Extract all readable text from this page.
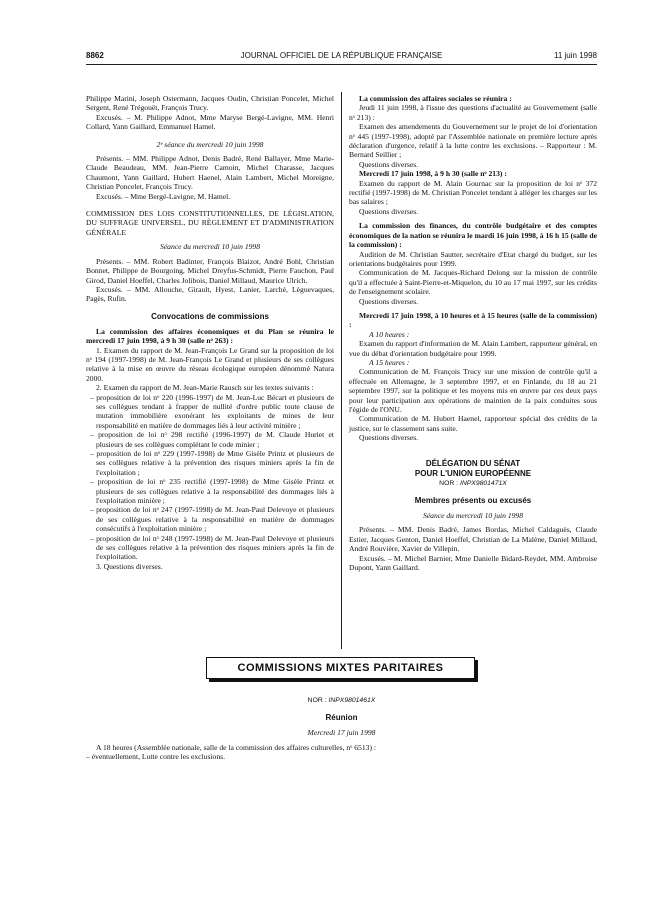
8862	JOURNAL OFFICIEL DE LA RÉPUBLIQUE FRANÇAISE	11 juin 1998

Philippe Marini, Joseph Ostermann, Jacques Oudin, Christian Poncelet, Michel Sergent, René Trégouët, François Trucy.

Excusés. – M. Philippe Adnot, Mme Maryse Bergé-Lavigne, MM. Henri Collard, Yann Gaillard, Emmanuel Hamel.

2ᵉ séance du mercredi 10 juin 1998

Présents. – MM. Philippe Adnot, Denis Badré, René Ballayer, Mme Marie-Claude Beaudeau, MM. Jean-Pierre Camoin, Michel Charasse, Jacques Chaumont, Yann Gaillard, Hubert Haenel, Alain Lambert, Michel Moreigne, Christian Poncelet, François Trucy.

Excusés. – Mme Bergé-Lavigne, M. Hamel.

COMMISSION DES LOIS CONSTITUTIONNELLES, DE LÉGISLATION, DU SUFFRAGE UNIVERSEL, DU RÈGLEMENT ET D'ADMINISTRATION GÉNÉRALE

Séance du mercredi 10 juin 1998

Présents. – MM. Robert Badinter, François Blaizot, André Bohl, Christian Bonnet, Philippe de Bourgoing, Michel Dreyfus-Schmidt, Pierre Fauchon, Paul Girod, Daniel Hoeffel, Charles Jolibois, Daniel Millaud, Maurice Ulrich.

Excusés. – MM. Allouche, Girault, Hyest, Lanier, Larché, Lèguevaques, Pagès, Rufin.

Convocations de commissions

La commission des affaires économiques et du Plan se réunira le mercredi 17 juin 1998, à 9 h 30 (salle nᵒ 263) :

1. Examen du rapport de M. Jean-François Le Grand sur la proposition de loi nᵒ 194 (1997-1998) de M. Jean-François Le Grand et plusieurs de ses collègues relative à la mise en œuvre du réseau écologique européen dénommé Natura 2000.

2. Examen du rapport de M. Jean-Marie Rausch sur les textes suivants :

– proposition de loi nᵒ 220 (1996-1997) de M. Jean-Luc Bécart et plusieurs de ses collègues tendant à frapper de nullité d'ordre public toute clause de mutation immobilière exonérant les exploitants de mines de leur responsabilité en matière de dommages liés à leur activité minière ;

– proposition de loi nᵒ 298 rectifié (1996-1997) de M. Claude Huriet et plusieurs de ses collègues complétant le code minier ;

– proposition de loi nᵒ 229 (1997-1998) de Mme Gisèle Printz et plusieurs de ses collègues relative à la prévention des risques miniers après la fin de l'exploitation ;

– proposition de loi nᵒ 235 rectifié (1997-1998) de Mme Gisèle Printz et plusieurs de ses collègues relative à la responsabilité des dommages liés à l'exploitation minière ;

– proposition de loi nᵒ 247 (1997-1998) de M. Jean-Paul Delevoye et plusieurs de ses collègues relative à la responsabilité en matière de dommages consécutifs à l'exploitation minière ;

– proposition de loi nᵒ 248 (1997-1998) de M. Jean-Paul Delevoye et plusieurs de ses collègues relative à la prévention des risques miniers après la fin de l'exploitation.

3. Questions diverses.

La commission des affaires sociales se réunira :

Jeudi 11 juin 1998, à l'issue des questions d'actualité au Gouvernement (salle nᵒ 213) :

Examen des amendements du Gouvernement sur le projet de loi d'orientation nᵒ 445 (1997-1998), adopté par l'Assemblée nationale en première lecture après déclaration d'urgence, relatif à la lutte contre les exclusions. – Rapporteur : M. Bernard Seillier ;

Questions diverses.

Mercredi 17 juin 1998, à 9 h 30 (salle nᵒ 213) :

Examen du rapport de M. Alain Gournac sur la proposition de loi nᵒ 372 rectifié (1997-1998) de M. Christian Poncelet tendant à alléger les charges sur les bas salaires ;

Questions diverses.

La commission des finances, du contrôle budgétaire et des comptes économiques de la nation se réunira le mardi 16 juin 1998, à 16 h 15 (salle de la commission) :

Audition de M. Christian Sautter, secrétaire d'Etat chargé du budget, sur les orientations budgétaires pour 1999.

Communication de M. Jacques-Richard Delong sur la mission de contrôle qu'il a effectuée à Saint-Pierre-et-Miquelon, du 10 au 17 mai 1997, sur les crédits de l'enseignement scolaire.

Questions diverses.

Mercredi 17 juin 1998, à 10 heures et à 15 heures (salle de la commission) :

A 10 heures :

Examen du rapport d'information de M. Alain Lambert, rapporteur général, en vue du débat d'orientation budgétaire pour 1999.

A 15 heures :

Communication de M. François Trucy sur une mission de contrôle qu'il a effectuée en Allemagne, le 3 septembre 1997, et en Finlande, du 18 au 21 septembre 1997, sur la politique et les moyens mis en œuvre par ces deux pays pour leur participation aux opérations de maintien de la paix conduites sous l'égide de l'ONU.

Communication de M. Hubert Haenel, rapporteur spécial des crédits de la justice, sur le classement sans suite.

Questions diverses.

DÉLÉGATION DU SÉNAT

POUR L'UNION EUROPÉENNE

NOR : INPX9801471X

Membres présents ou excusés

Séance du mercredi 10 juin 1998

Présents. – MM. Denis Badré, James Bordas, Michel Caldaguès, Claude Estier, Jacques Genton, Daniel Hoeffel, Christian de La Malène, Daniel Millaud, André Rouvière, Xavier de Villepin.

Excusés. – M. Michel Barnier, Mme Danielle Bidard-Reydet, MM. Ambroise Dupont, Yann Gaillard.

COMMISSIONS MIXTES PARITAIRES

NOR : INPX9801461X

Réunion

Mercredi 17 juin 1998

A 18 heures (Assemblée nationale, salle de la commission des affaires culturelles, nᵒ 6513) :

– éventuellement, Lutte contre les exclusions.
